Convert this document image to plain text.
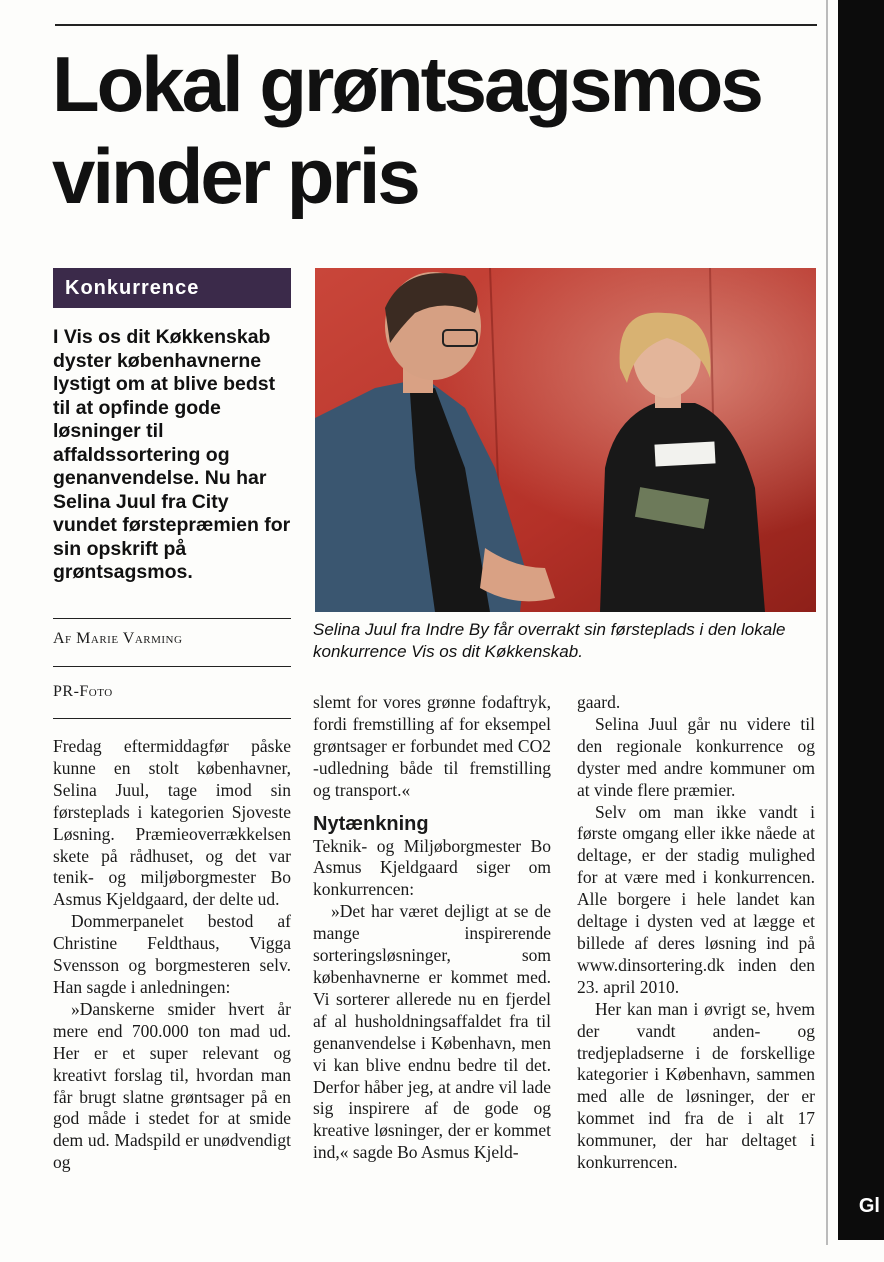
Gl
Lokal grøntsagsmos vinder pris
Konkurrence

I Vis os dit Køkkenskab dyster københavnerne lystigt om at blive bedst til at opfinde gode løsninger til affaldssortering og genanvendelse. Nu har Selina Juul fra City vundet førstepræmien for sin opskrift på grøntsagsmos.

Af Marie Varming

PR-Foto

Selina Juul fra Indre By får overrakt sin førsteplads i den lokale konkurrence Vis os dit Køkkenskab.

Fredag eftermiddagfør påske kunne en stolt københavner, Selina Juul, tage imod sin førsteplads i kategorien Sjoveste Løsning. Præmieoverrækkelsen skete på rådhuset, og det var tenik- og miljøborgmester Bo Asmus Kjeldgaard, der delte ud.

Dommerpanelet bestod af Christine Feldthaus, Vigga Svensson og borgmesteren selv. Han sagde i anledningen:

»Danskerne smider hvert år mere end 700.000 ton mad ud. Her er et super relevant og kreativt forslag til, hvordan man får brugt slatne grøntsager på en god måde i stedet for at smide dem ud. Madspild er unødvendigt og

slemt for vores grønne fodaftryk, fordi fremstilling af for eksempel grøntsager er forbundet med CO2 -udledning både til fremstilling og transport.«

Nytænkning

Teknik- og Miljøborgmester Bo Asmus Kjeldgaard siger om konkurrencen:

»Det har været dejligt at se de mange inspirerende sorteringsløsninger, som københavnerne er kommet med. Vi sorterer allerede nu en fjerdel af al husholdningsaffaldet fra til genanvendelse i København, men vi kan blive endnu bedre til det. Derfor håber jeg, at andre vil lade sig inspirere af de gode og kreative løsninger, der er kommet ind,« sagde Bo Asmus Kjeld-

gaard.

Selina Juul går nu videre til den regionale konkurrence og dyster med andre kommuner om at vinde flere præmier.

Selv om man ikke vandt i første omgang eller ikke nåede at deltage, er der stadig mulighed for at være med i konkurrencen. Alle borgere i hele landet kan deltage i dysten ved at lægge et billede af deres løsning ind på www.dinsortering.dk inden den 23. april 2010.

Her kan man i øvrigt se, hvem der vandt anden- og tredjepladserne i de forskellige kategorier i København, sammen med alle de løsninger, der er kommet ind fra de i alt 17 kommuner, der har deltaget i konkurrencen.
